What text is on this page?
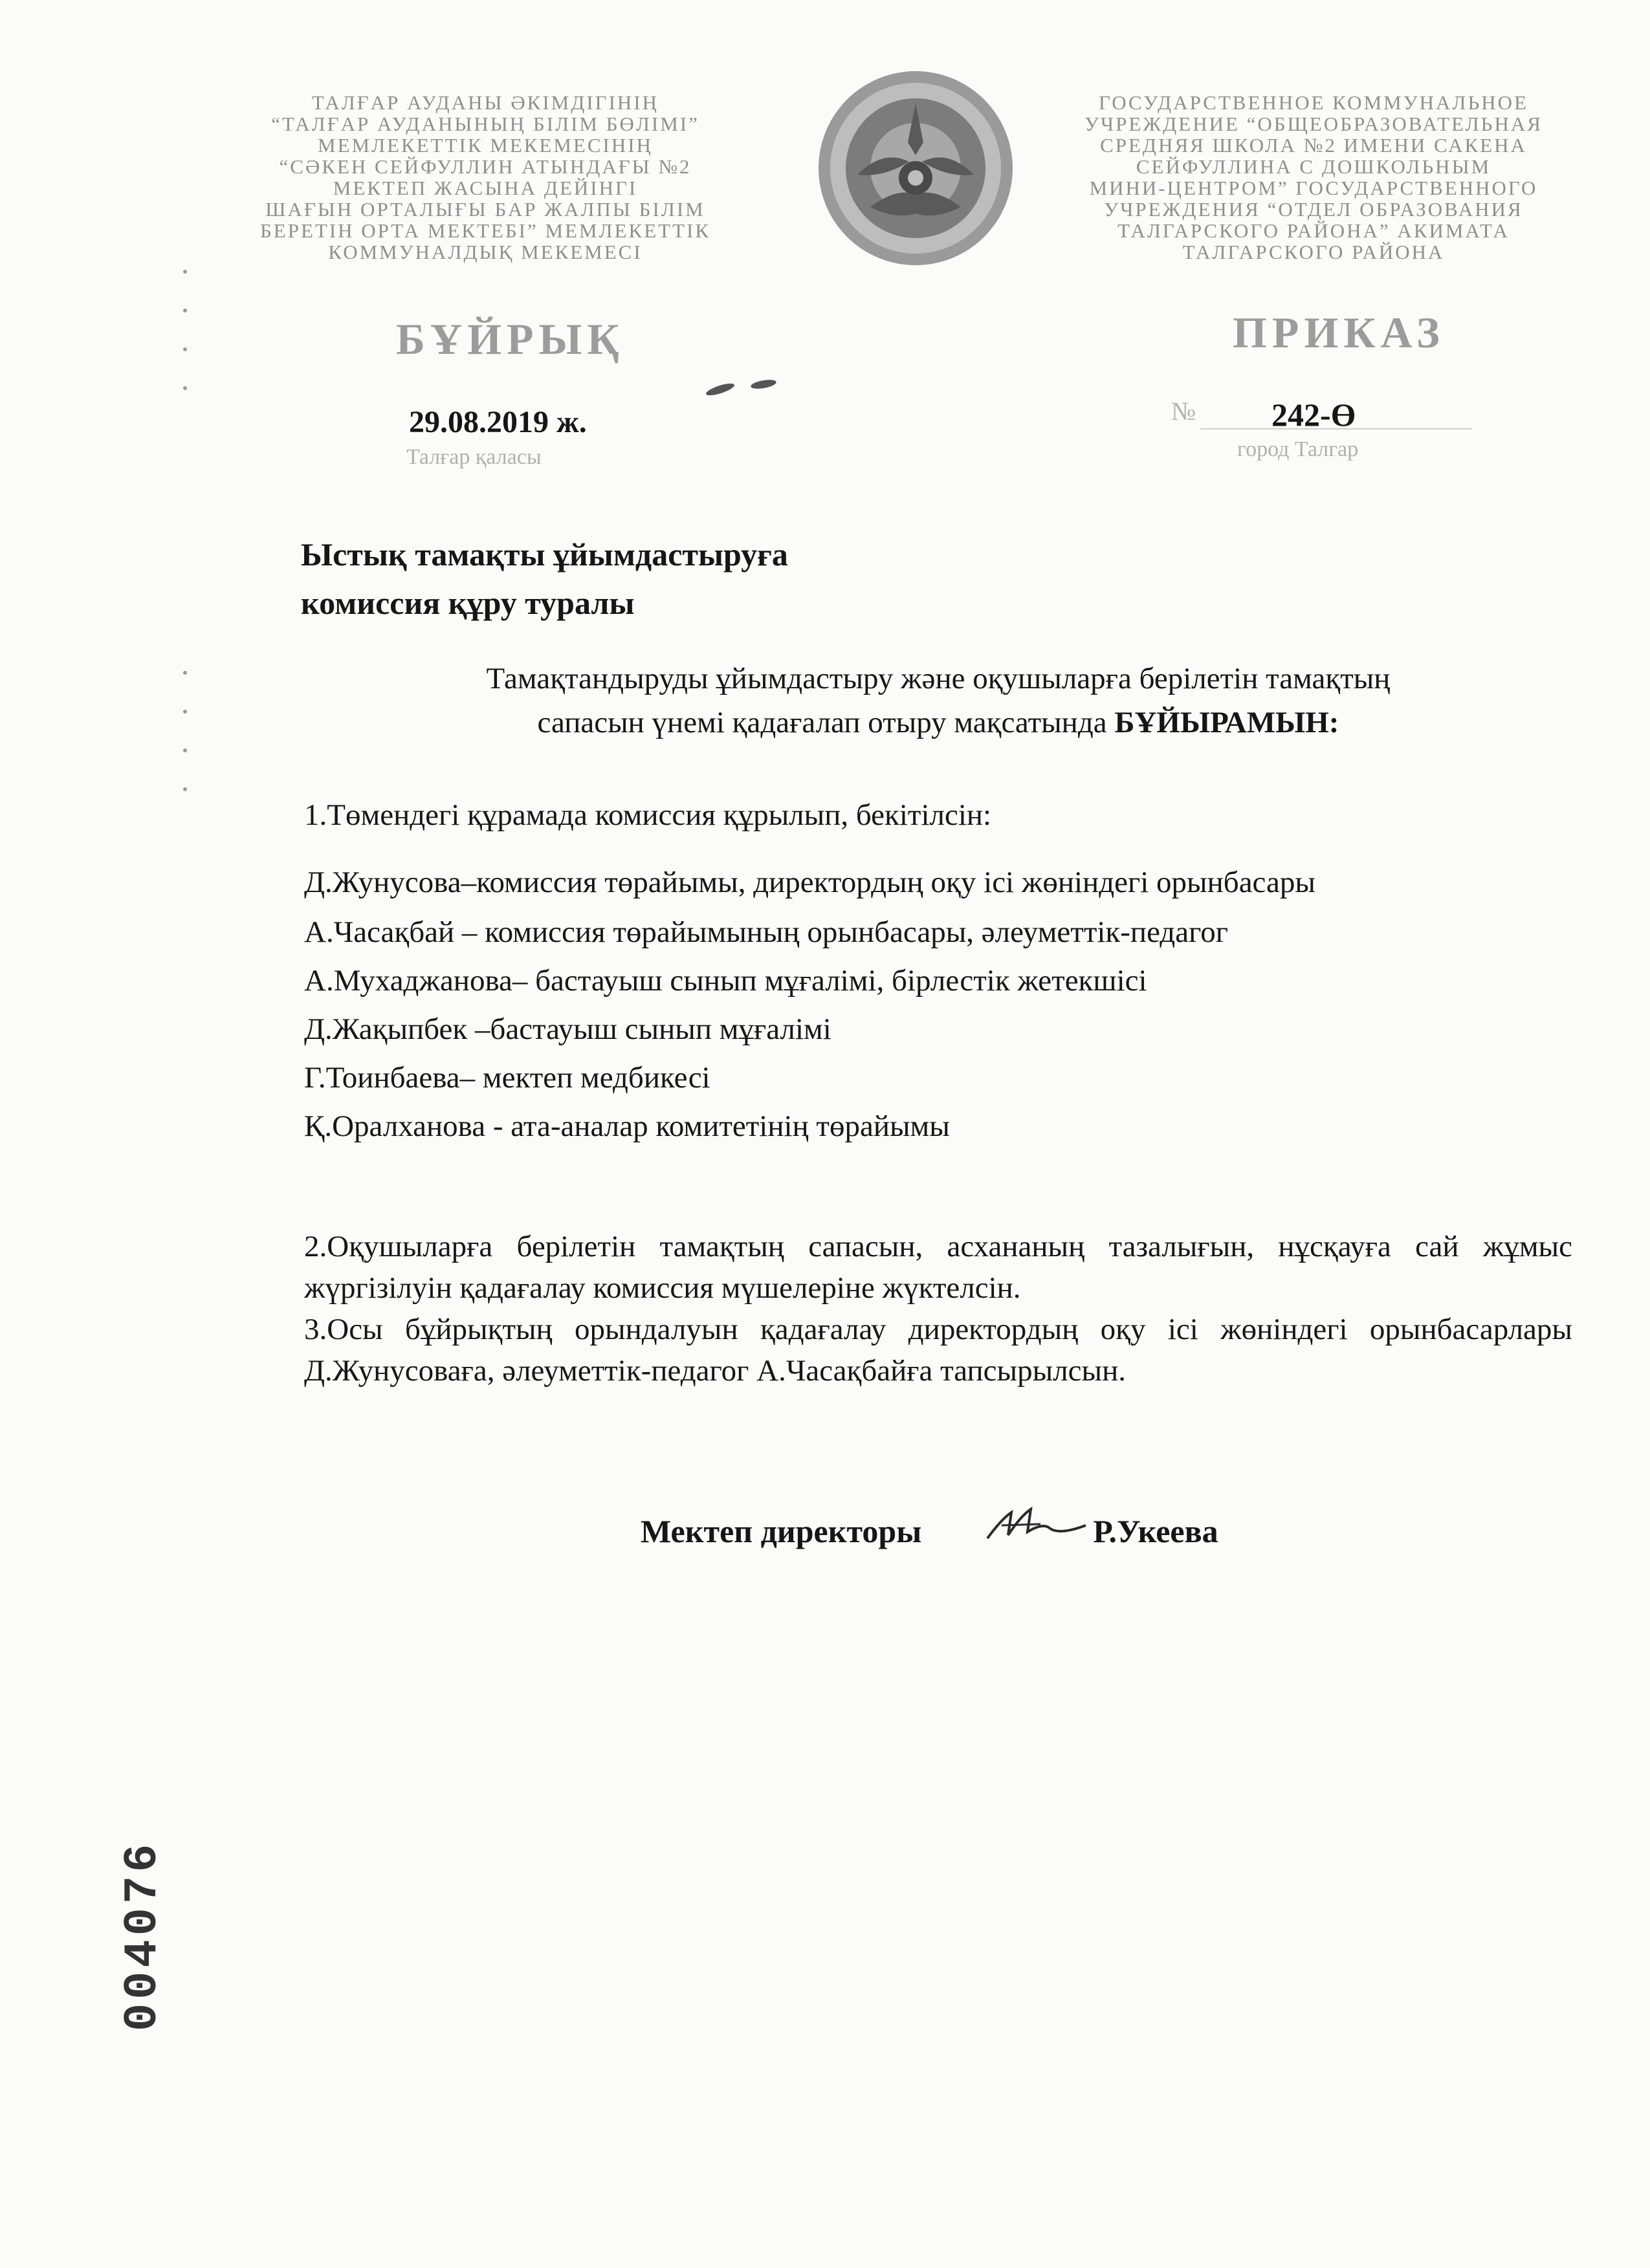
ТАЛҒАР АУДАНЫ ӘКІМДІГІНІҢ
“ТАЛҒАР АУДАНЫНЫҢ БІЛІМ БӨЛІМІ”
МЕМЛЕКЕТТІК МЕКЕМЕСІНІҢ
“СӘКЕН СЕЙФУЛЛИН АТЫНДАҒЫ №2
МЕКТЕП ЖАСЫНА ДЕЙІНГІ
ШАҒЫН ОРТАЛЫҒЫ БАР ЖАЛПЫ БІЛІМ
БЕРЕТІН ОРТА МЕКТЕБІ” МЕМЛЕКЕТТІК
КОММУНАЛДЫҚ МЕКЕМЕСІ
ГОСУДАРСТВЕННОЕ КОММУНАЛЬНОЕ
УЧРЕЖДЕНИЕ “ОБЩЕОБРАЗОВАТЕЛЬНАЯ
СРЕДНЯЯ ШКОЛА №2 ИМЕНИ САКЕНА
СЕЙФУЛЛИНА С ДОШКОЛЬНЫМ
МИНИ-ЦЕНТРОМ” ГОСУДАРСТВЕННОГО
УЧРЕЖДЕНИЯ “ОТДЕЛ ОБРАЗОВАНИЯ
ТАЛГАРСКОГО РАЙОНА” АКИМАТА
ТАЛГАРСКОГО РАЙОНА
БҰЙРЫҚ	ПРИКАЗ
29.08.2019 ж.	№ 242-Ө
Талғар қаласы	город Талгар
Ыстық тамақты ұйымдастыруға
комиссия құру туралы
Тамақтандыруды ұйымдастыру және оқушыларға берілетін тамақтың
сапасын үнемі қадағалап отыру мақсатында БҰЙЫРАМЫН:
1.Төмендегі құрамада комиссия құрылып, бекітілсін:
Д.Жунусова–комиссия төрайымы, директордың оқу ісі жөніндегі орынбасары
А.Часақбай – комиссия төрайымының орынбасары, әлеуметтік-педагог
А.Мухаджанова– бастауыш сынып мұғалімі, бірлестік жетекшісі
Д.Жақыпбек –бастауыш сынып мұғалімі
Г.Тоинбаева– мектеп медбикесі
Қ.Оралханова - ата-аналар комитетінің төрайымы
2.Оқушыларға берілетін тамақтың сапасын, асхананың тазалығын, нұсқауға сай жұмыс жүргізілуін қадағалау комиссия мүшелеріне жүктелсін.
3.Осы бұйрықтың орындалуын қадағалау директордың оқу ісі жөніндегі орынбасарлары Д.Жунусоваға, әлеуметтік-педагог А.Часақбайға тапсырылсын.
Мектеп директоры	Р.Укеева
004076
